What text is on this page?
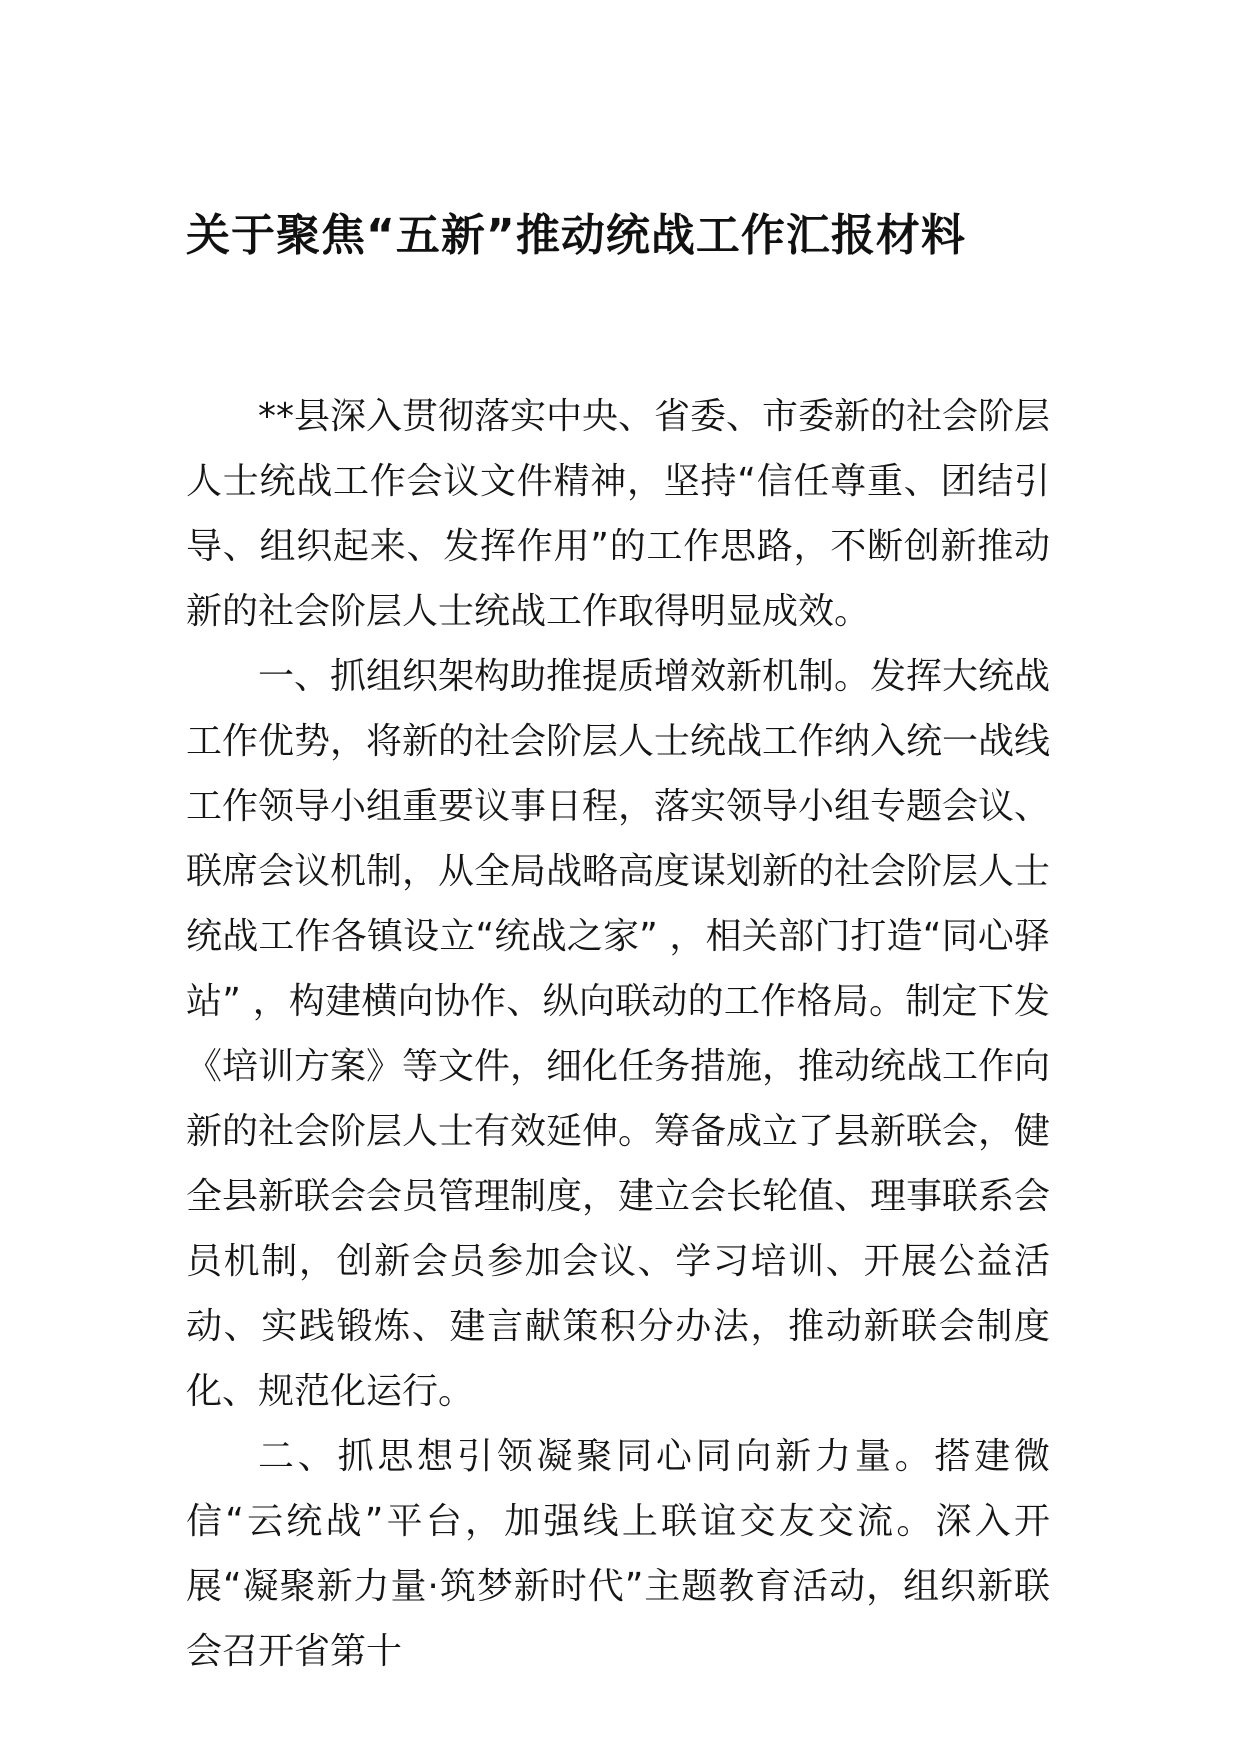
关于聚焦“五新”推动统战工作汇报材料

**县深入贯彻落实中央、省委、市委新的社会阶层人士统战工作会议文件精神，坚持“信任尊重、团结引导、组织起来、发挥作用”的工作思路，不断创新推动新的社会阶层人士统战工作取得明显成效。

一、抓组织架构助推提质增效新机制。发挥大统战工作优势，将新的社会阶层人士统战工作纳入统一战线工作领导小组重要议事日程，落实领导小组专题会议、联席会议机制，从全局战略高度谋划新的社会阶层人士统战工作各镇设立“统战之家” ，相关部门打造“同心驿站” ，构建横向协作、纵向联动的工作格局。制定下发《培训方案》等文件，细化任务措施，推动统战工作向新的社会阶层人士有效延伸。筹备成立了县新联会，健全县新联会会员管理制度，建立会长轮值、理事联系会员机制，创新会员参加会议、学习培训、开展公益活动、实践锻炼、建言献策积分办法，推动新联会制度化、规范化运行。

二、抓思想引领凝聚同心同向新力量。搭建微信“云统战”平台，加强线上联谊交友交流。深入开展“凝聚新力量·筑梦新时代”主题教育活动，组织新联会召开省第十
